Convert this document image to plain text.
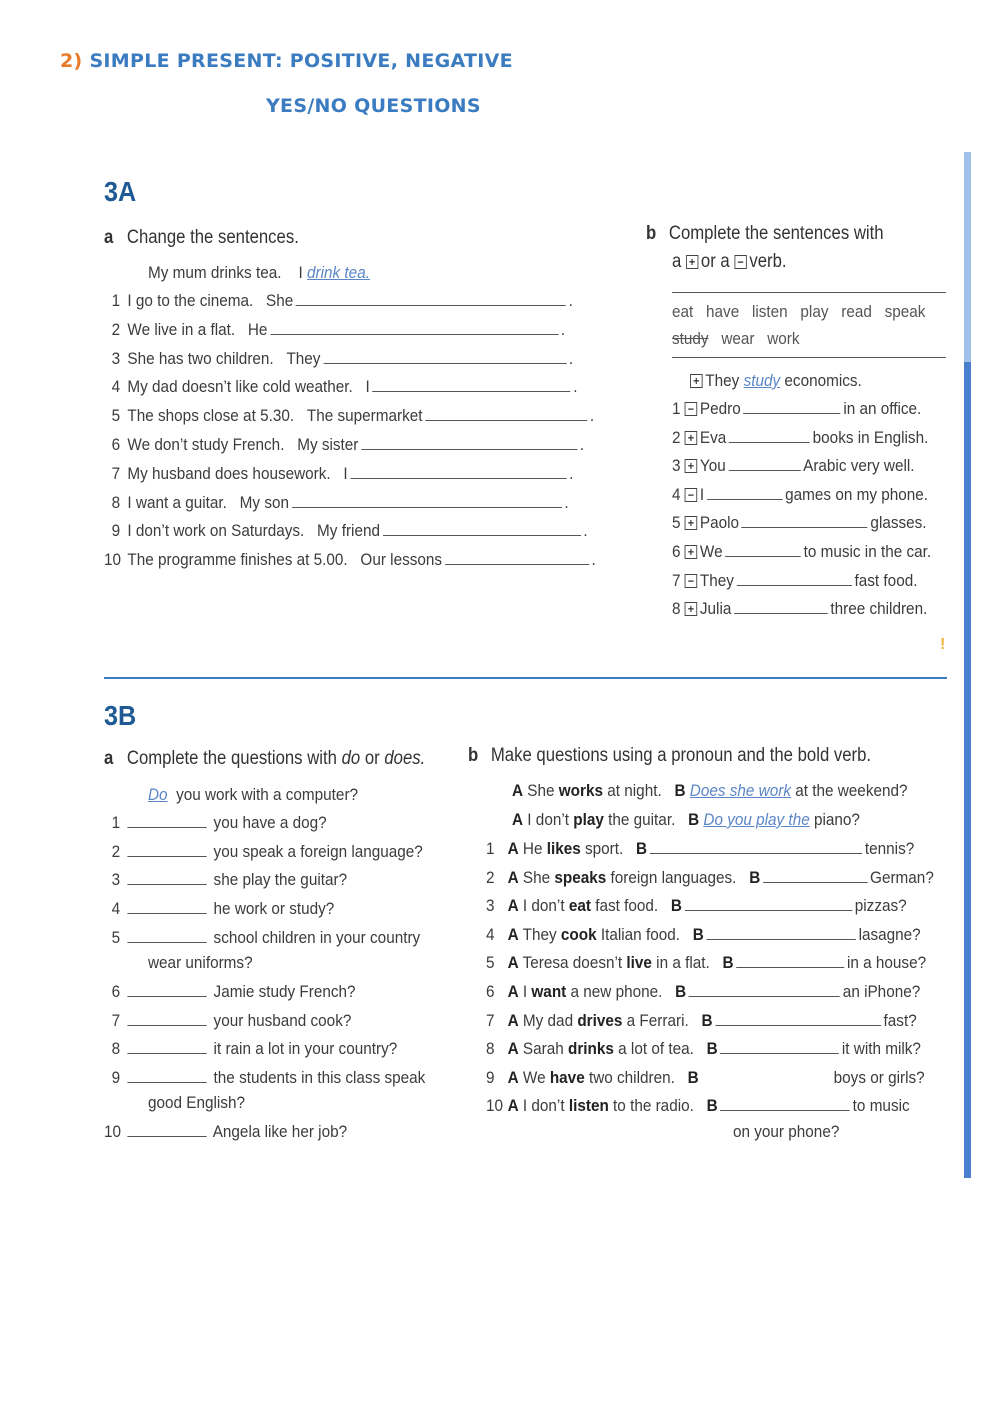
2) SIMPLE PRESENT: POSITIVE, NEGATIVE
YES/NO QUESTIONS
3A
a Change the sentences.
My mum drinks tea. I drink tea.
1 I go to the cinema. She	.
2 We live in a flat. He	.
3 She has two children. They	.
4 My dad doesn’t like cold weather. I	.
5 The shops close at 5.30. The supermarket	.
6 We don’t study French. My sister	.
7 My husband does housework. I	.
8 I want a guitar. My son	.
9 I don’t work on Saturdays. My friend	.
10 The programme finishes at 5.00. Our lessons	.
b Complete the sentences with
a + or a − verb.
eat   have   listen   play   read   speak
study wear   work
+ They study economics.
1 − Pedro	in an office.
2 + Eva	books in English.
3 + You	Arabic very well.
4 − I	games on my phone.
5 + Paolo	glasses.
6 + We	to music in the car.
7 − They	fast food.
8 + Julia	three children.
!
3B
a Complete the questions with do or does.
Do you work with a computer?
1	you have a dog?
2	you speak a foreign language?
3	she play the guitar?
4	he work or study?
5	school children in your country
wear uniforms?
6	Jamie study French?
7	your husband cook?
8	it rain a lot in your country?
9	the students in this class speak
good English?
10	Angela like her job?
b Make questions using a pronoun and the bold verb.
A She works at night.   B Does she work at the weekend?
A I don’t play the guitar.   B Do you play the piano?
1 A He likes sport.   B	tennis?
2 A She speaks foreign languages.   B	German?
3 A I don’t eat fast food.   B	pizzas?
4 A They cook Italian food.   B	lasagne?
5 A Teresa doesn’t live in a flat.   B	in a house?
6 A I want a new phone.   B	an iPhone?
7 A My dad drives a Ferrari.   B	fast?
8 A Sarah drinks a lot of tea.   B	it with milk?
9 A We have two children.   B	boys or girls?
10 A I don’t listen to the radio.   B	to music
on your phone?
